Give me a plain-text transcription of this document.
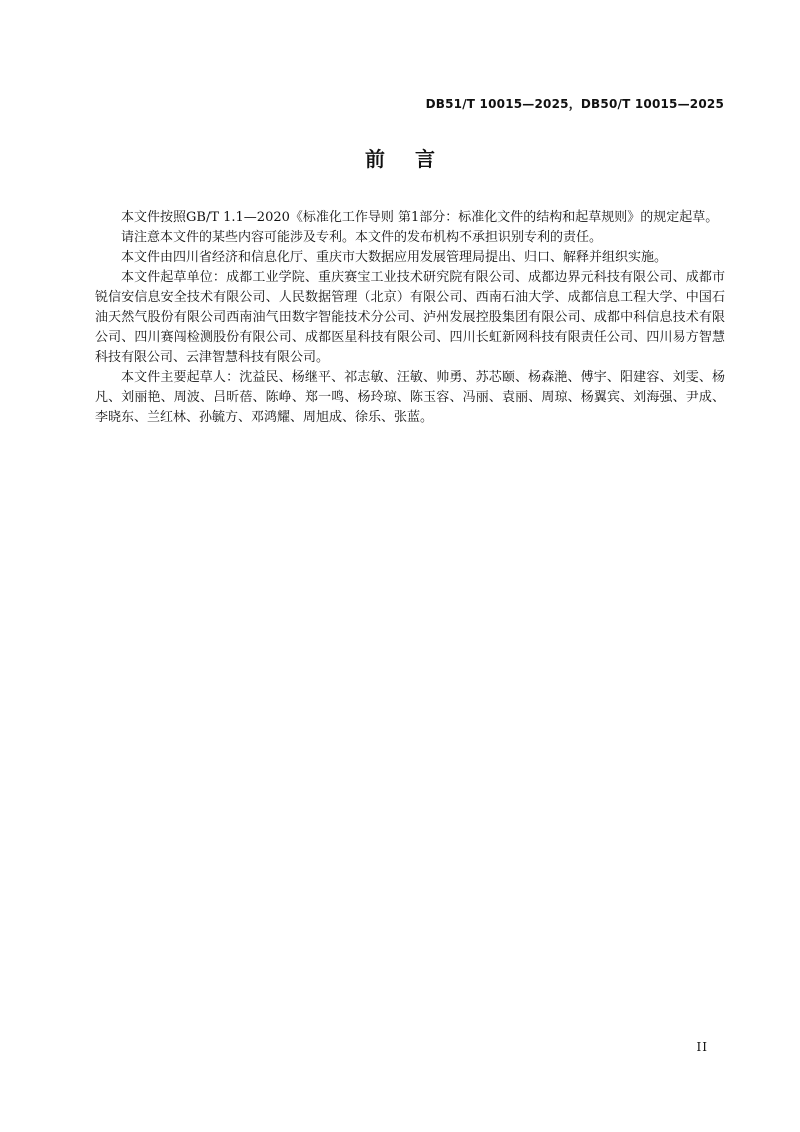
DB51/T 10015—2025，DB50/T 10015—2025
前言

本文件按照GB/T 1.1—2020《标准化工作导则 第1部分：标准化文件的结构和起草规则》的规定起草。

请注意本文件的某些内容可能涉及专利。本文件的发布机构不承担识别专利的责任。

本文件由四川省经济和信息化厅、重庆市大数据应用发展管理局提出、归口、解释并组织实施。

本文件起草单位：成都工业学院、重庆赛宝工业技术研究院有限公司、成都边界元科技有限公司、成都市锐信安信息安全技术有限公司、人民数据管理（北京）有限公司、西南石油大学、成都信息工程大学、中国石油天然气股份有限公司西南油气田数字智能技术分公司、泸州发展控股集团有限公司、成都中科信息技术有限公司、四川赛闯检测股份有限公司、成都医星科技有限公司、四川长虹新网科技有限责任公司、四川易方智慧科技有限公司、云津智慧科技有限公司。

本文件主要起草人：沈益民、杨继平、祁志敏、汪敏、帅勇、苏芯颐、杨森滟、傅宇、阳建容、刘雯、杨凡、刘丽艳、周波、吕昕蓓、陈峥、郑一鸣、杨玲琼、陈玉容、冯丽、袁丽、周琼、杨翼宾、刘海强、尹成、李晓东、兰红林、孙毓方、邓鸿耀、周旭成、徐乐、张蓝。

II
